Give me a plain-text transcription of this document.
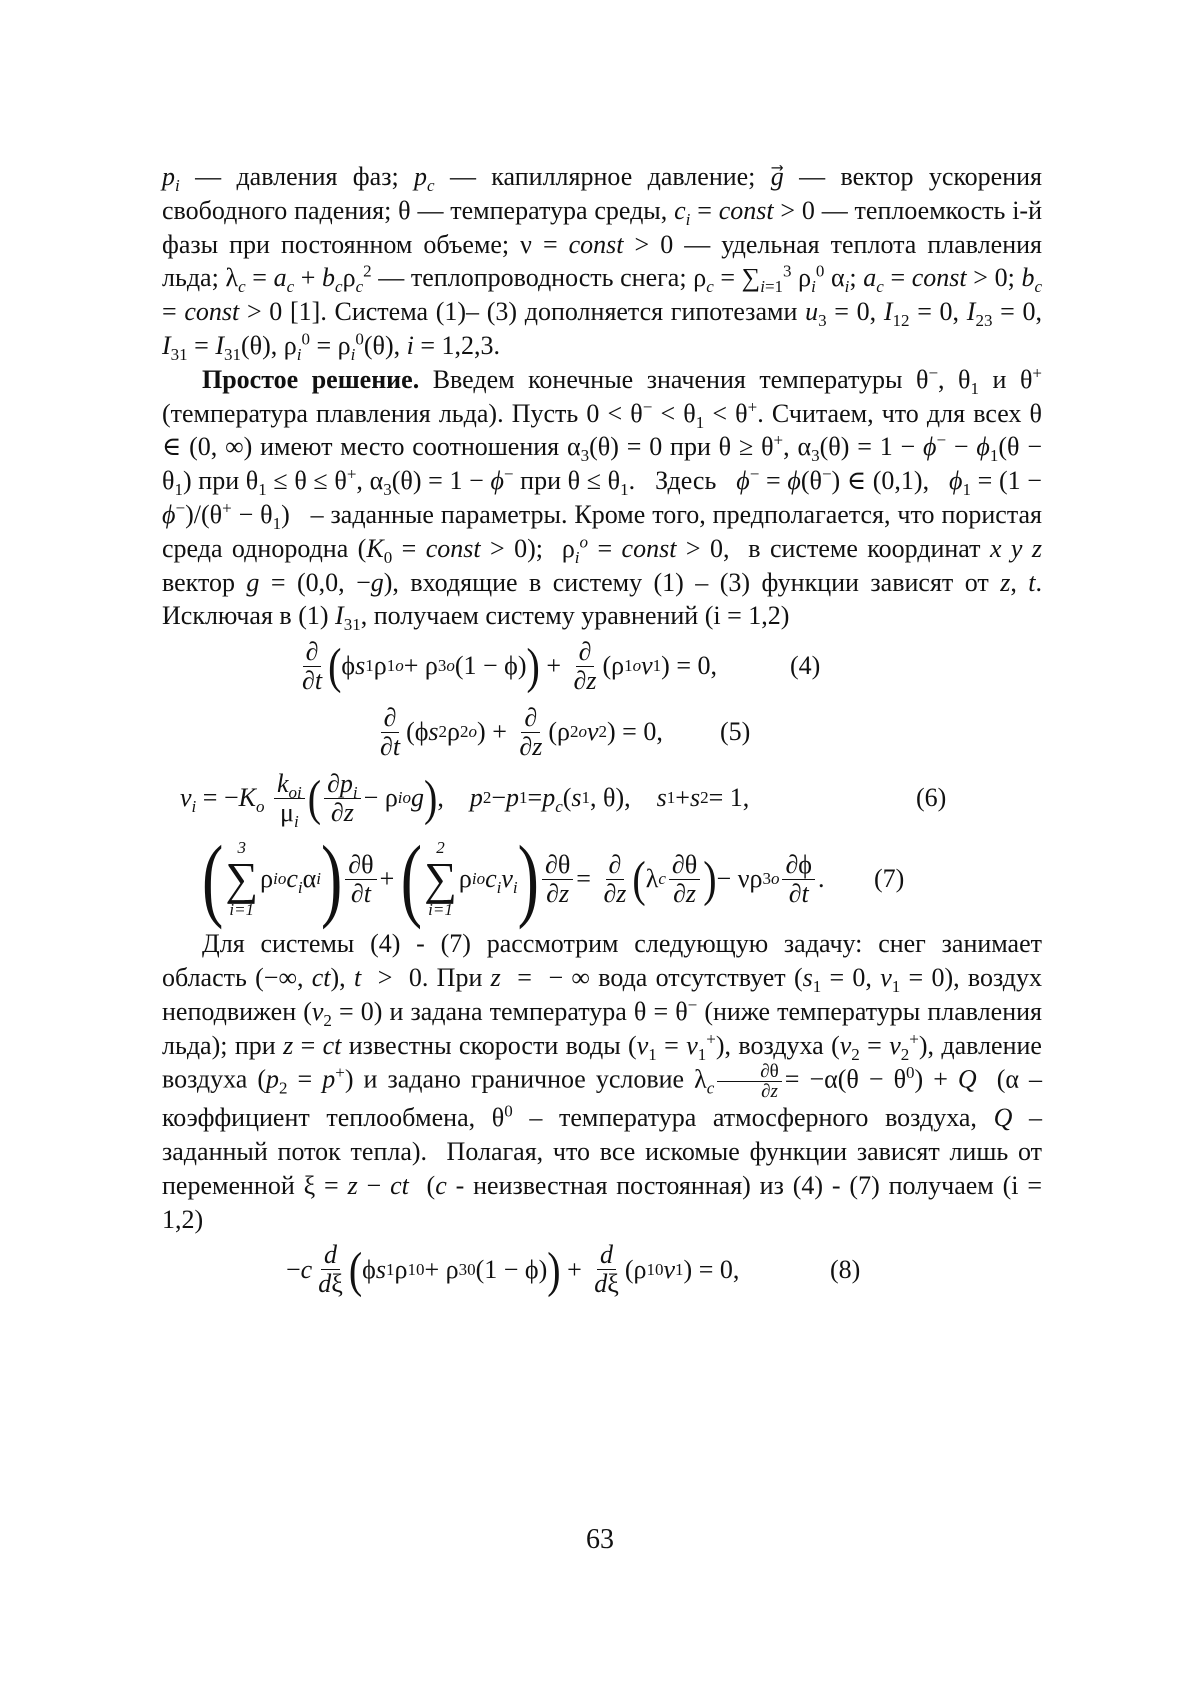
$p_i$ — давления фаз; $p_c$ — капиллярное давление; g⃗ — вектор ускорения свободного падения; θ — температура среды, $c_i$ = const > 0 — теплоемкость i-й фазы при постоянном объеме; ν = const > 0 — удельная теплота плавления льда; $\lambda_c = a_c + b_c\rho_c^2$ — теплопроводность снега; $\rho_c = \sum_{i=1}^3$ $\rho_i^0$ $\alpha_i$; $a_c$ = const > 0; $b_c$ = const > 0 [1]. Система (1)– (3) дополняется гипотезами $u_3 = 0$, $I_{12} = 0$, $I_{23} = 0$, $I_{31} = I_{31}(\theta)$, $\rho_i^0 = \rho_i^0(\theta)$, i = 1,2,3.

Простое решение. Введем конечные значения температуры θ−, $\theta_1$ и θ+ (температура плавления льда). Пусть $0 < \theta^- < \theta_1 < \theta^+$. Считаем, что для всех θ ∈ (0, ∞) имеют место соотношения $\alpha_3(\theta) = 0$ при θ ≥ θ+, $\alpha_3(\theta) = 1 - \phi^- - \phi_1(\theta - \theta_1)$ при $\theta_1 \le \theta \le \theta^+$, $\alpha_3(\theta) = 1 - \phi^-$ при $\theta \le \theta_1$.   Здесь   ϕ− = ϕ(θ−) ∈ (0,1),   $\phi_1 = (1 - \phi^-)/(\theta^+ - \theta_1)$   – заданные параметры. Кроме того, предполагается, что пористая среда однородна ($K_0$ = const > 0);  $\rho_i^o$ = const > 0,  в системе координат x y z вектор g = (0,0, −g), входящие в систему (1) – (3) функции зависят от z, t. Исключая в (1) $I_{31}$, получаем систему уравнений (i = 1,2)

$\frac{\partial}{\partial t}$ ( ϕ s 1 ρ 1 o + ρ 3 o (1 − ϕ) ) + $\frac{\partial}{\partial z} (\rho$ 1 o v 1 ) = 0,	(4)
$\frac{\partial}{\partial t} (\phi$ s 2 ρ 2 o ) + $\frac{\partial}{\partial z} (\rho$ 2 o v 2 ) = 0, (5)
$v_i$ = − $K_o$
$\frac{k_{oi}}{\mu_i}$ ( $\frac{\partial p_i}{\partial z} - \rho$ i o g ) , p 2 − p $1 = p_c$ ( s 1 , θ), s 1 + s 2 = 1,	(6)
( 3
∑
i=1
ρ i o $c_i$ α i ) $\frac{\partial\theta}{\partial t}$ + ( 2
∑
i=1
ρ i o $c_iv_i$ ) $\frac{\partial\theta}{\partial z} = \frac{\partial}{\partial z}$ ( λ c $\frac{\partial\theta}{\partial z}$ ) − νρ 3 o $\frac{\partial\phi}{\partial t}$ . (7)

Для системы (4) - (7) рассмотрим следующую задачу: снег занимает область (−∞, ct), t  >  0. При z  =  − ∞ вода отсутствует ($s_1 = 0$, $v_1 = 0$), воздух неподвижен $(v_2 = 0)$ и задана температура θ = θ− (ниже температуры плавления льда); при z = ct известны скорости воды $(v_1 = v_1^+)$, воздуха $(v_2 = v_2^+)$, давление воздуха $(p_2 = p^+)$ и задано граничное условие $\lambda_c \frac{\partial\theta}{\partial z} = -\alpha(\theta - \theta^0) + Q$  (α – коэффициент теплообмена, $\theta^0$ – температура атмосферного воздуха, Q – заданный поток тепла).  Полагая, что все искомые функции зависят лишь от переменной ξ = z − ct  (c - неизвестная постоянная) из (4) - (7) получаем (i = 1,2)

− c $\frac{d}{d\xi}$ ( ϕ s 1 ρ 1 0 + ρ 3 0 (1 − ϕ) ) + $\frac{d}{d\xi} (\rho$ 1 0 v 1 ) = 0,	(8)
63
